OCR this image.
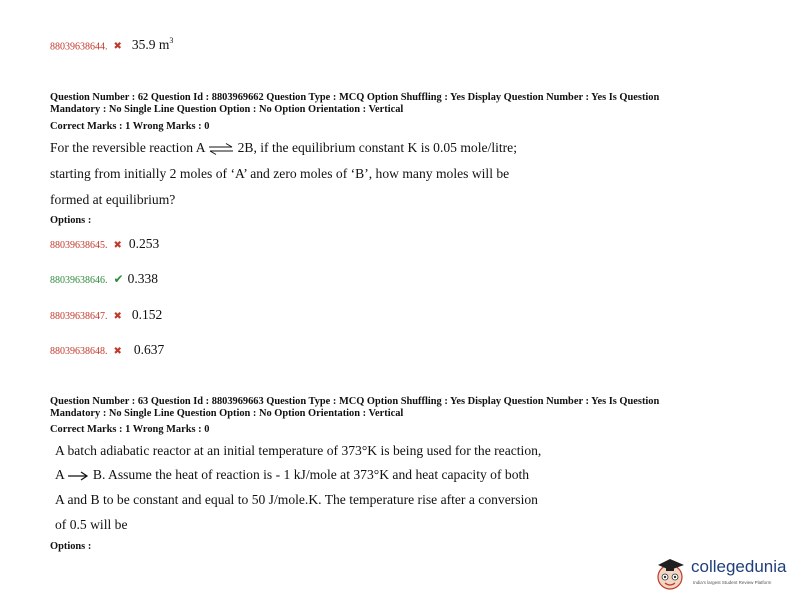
88039638644. ✖ 35.9 $m^3$
Question Number : 62 Question Id : 8803969662 Question Type : MCQ Option Shuffling : Yes Display Question Number : Yes Is Question
Mandatory : No Single Line Question Option : No Option Orientation : Vertical
Correct Marks : 1 Wrong Marks : 0
For the reversible reaction A ⇌ 2B, if the equilibrium constant K is 0.05 mole/litre;
starting from initially 2 moles of ‘A’ and zero moles of ‘B’, how many moles will be
formed at equilibrium?
Options :
88039638645. ✖ 0.253
88039638646. ✔ 0.338
88039638647. ✖ 0.152
88039638648. ✖ 0.637
Question Number : 63 Question Id : 8803969663 Question Type : MCQ Option Shuffling : Yes Display Question Number : Yes Is Question
Mandatory : No Single Line Question Option : No Option Orientation : Vertical
Correct Marks : 1 Wrong Marks : 0
A batch adiabatic reactor at an initial temperature of 373°K is being used for the reaction,
A → B. Assume the heat of reaction is - 1 kJ/mole at 373°K and heat capacity of both
A and B to be constant and equal to 50 J/mole.K. The temperature rise after a conversion
of 0.5 will be
Options :
collegedunia
India's largest Student Review Platform
